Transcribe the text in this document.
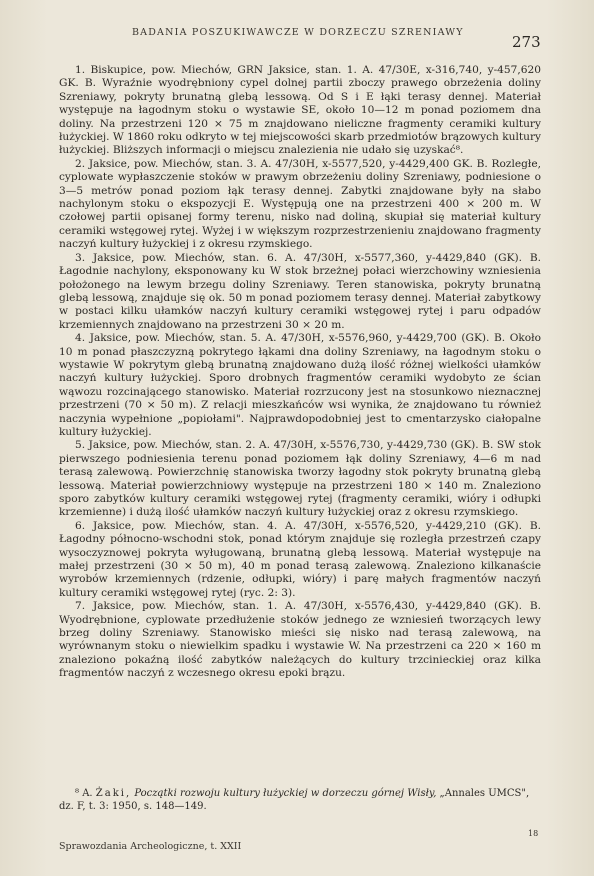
BADANIA POSZUKIWAWCZE W DORZECZU SZRENIAWY
273

1. Biskupice, pow. Miechów, GRN Jaksice, stan. 1. A. 47/30E, x-316,740, y-457,620 GK. B. Wyraźnie wyodrębniony cypel dolnej partii zboczy prawego obrzeżenia doliny Szreniawy, pokryty brunatną glebą lessową. Od S i E łąki terasy dennej. Materiał występuje na łagodnym stoku o wystawie SE, około 10—12 m ponad poziomem dna doliny. Na przestrzeni 120 × 75 m znajdowano nieliczne fragmenty ceramiki kultury łużyckiej. W 1860 roku odkryto w tej miejscowości skarb przedmiotów brązowych kultury łużyckiej. Bliższych informacji o miejscu znalezienia nie udało się uzyskać⁸.

2. Jaksice, pow. Miechów, stan. 3. A. 47/30H, x-5577,520, y-4429,400 GK. B. Rozległe, cyplowate wypłaszczenie stoków w prawym obrzeżeniu doliny Szreniawy, podniesione o 3—5 metrów ponad poziom łąk terasy dennej. Zabytki znajdowane były na słabo nachylonym stoku o ekspozycji E. Występują one na przestrzeni 400 × 200 m. W czołowej partii opisanej formy terenu, nisko nad doliną, skupiał się materiał kultury ceramiki wstęgowej rytej. Wyżej i w większym rozprzestrzenieniu znajdowano fragmenty naczyń kultury łużyckiej i z okresu rzymskiego.

3. Jaksice, pow. Miechów, stan. 6. A. 47/30H, x-5577,360, y-4429,840 (GK). B. Łagodnie nachylony, eksponowany ku W stok brzeżnej połaci wierzchowiny wzniesienia położonego na lewym brzegu doliny Szreniawy. Teren stanowiska, pokryty brunatną glebą lessową, znajduje się ok. 50 m ponad poziomem terasy dennej. Materiał zabytkowy w postaci kilku ułamków naczyń kultury ceramiki wstęgowej rytej i paru odpadów krzemiennych znajdowano na przestrzeni 30 × 20 m.

4. Jaksice, pow. Miechów, stan. 5. A. 47/30H, x-5576,960, y-4429,700 (GK). B. Około 10 m ponad płaszczyzną pokrytego łąkami dna doliny Szreniawy, na łagodnym stoku o wystawie W pokrytym glebą brunatną znajdowano dużą ilość różnej wielkości ułamków naczyń kultury łużyckiej. Sporo drobnych fragmentów ceramiki wydobyto ze ścian wąwozu rozcinającego stanowisko. Materiał rozrzucony jest na stosunkowo nieznacznej przestrzeni (70 × 50 m). Z relacji mieszkańców wsi wynika, że znajdowano tu również naczynia wypełnione „popiołami". Najprawdopodobniej jest to cmentarzysko ciałopalne kultury łużyckiej.

5. Jaksice, pow. Miechów, stan. 2. A. 47/30H, x-5576,730, y-4429,730 (GK). B. SW stok pierwszego podniesienia terenu ponad poziomem łąk doliny Szreniawy, 4—6 m nad terasą zalewową. Powierzchnię stanowiska tworzy łagodny stok pokryty brunatną glebą lessową. Materiał powierzchniowy występuje na przestrzeni 180 × 140 m. Znaleziono sporo zabytków kultury ceramiki wstęgowej rytej (fragmenty ceramiki, wióry i odłupki krzemienne) i dużą ilość ułamków naczyń kultury łużyckiej oraz z okresu rzymskiego.

6. Jaksice, pow. Miechów, stan. 4. A. 47/30H, x-5576,520, y-4429,210 (GK). B. Łagodny północno-wschodni stok, ponad którym znajduje się rozległa przestrzeń czapy wysoczyznowej pokryta wyługowaną, brunatną glebą lessową. Materiał występuje na małej przestrzeni (30 × 50 m), 40 m ponad terasą zalewową. Znaleziono kilkanaście wyrobów krzemiennych (rdzenie, odłupki, wióry) i parę małych fragmentów naczyń kultury ceramiki wstęgowej rytej (ryc. 2: 3).

7. Jaksice, pow. Miechów, stan. 1. A. 47/30H, x-5576,430, y-4429,840 (GK). B. Wyodrębnione, cyplowate przedłużenie stoków jednego ze wzniesień tworzących lewy brzeg doliny Szreniawy. Stanowisko mieści się nisko nad terasą zalewową, na wyrównanym stoku o niewielkim spadku i wystawie W. Na przestrzeni ca 220 × 160 m znaleziono pokaźną ilość zabytków należących do kultury trzcinieckiej oraz kilka fragmentów naczyń z wczesnego okresu epoki brązu.

⁸ A. Żaki, Początki rozwoju kultury łużyckiej w dorzeczu górnej Wisły, „Annales UMCS", dz. F, t. 3: 1950, s. 148—149.
18
Sprawozdania Archeologiczne, t. XXII
